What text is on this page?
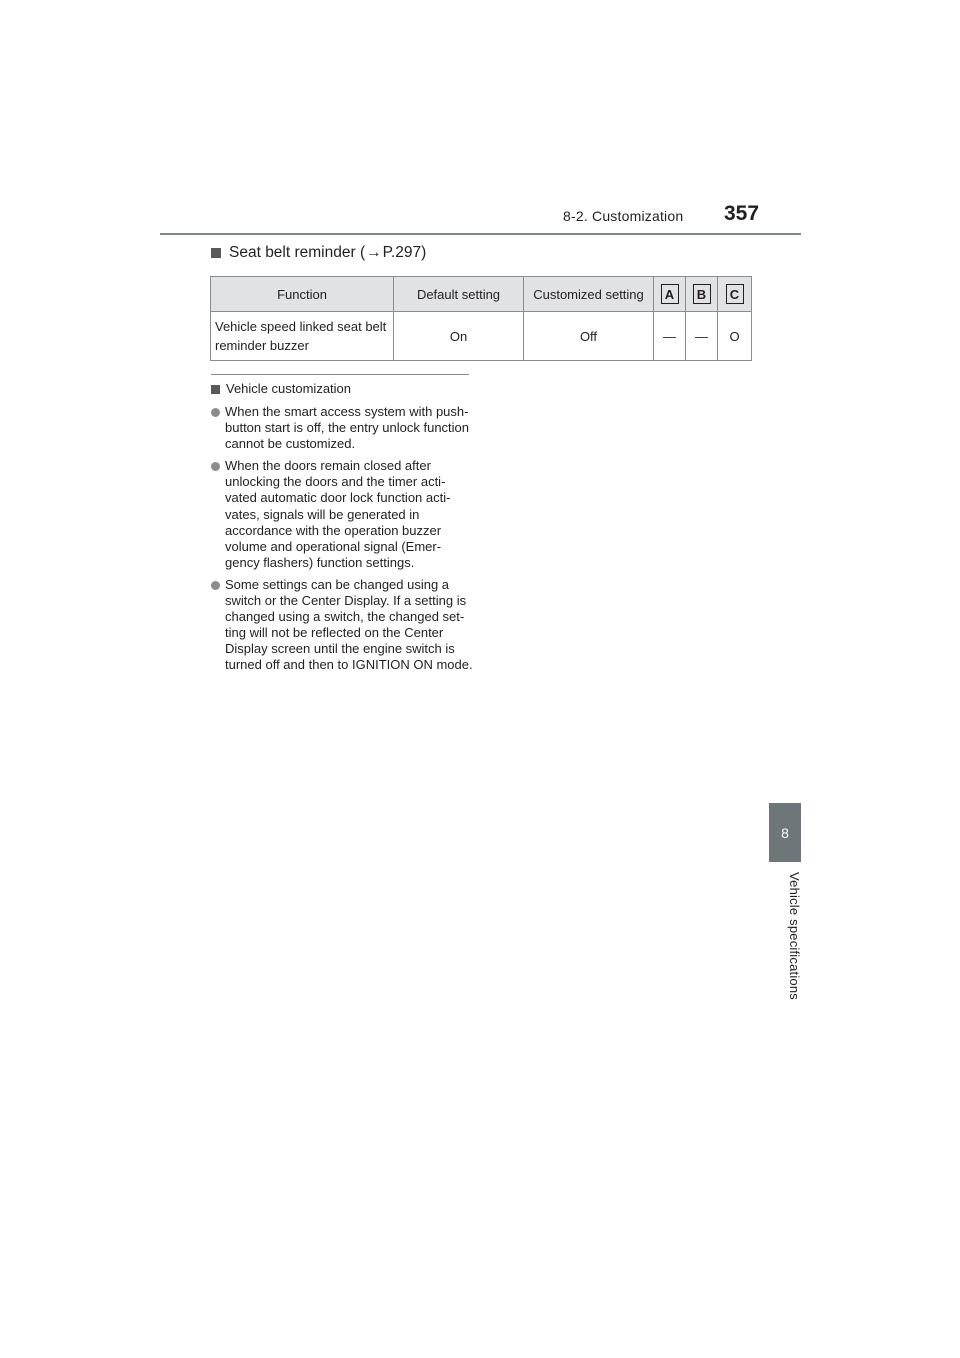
8-2. Customization 357
8
Vehicle specifications
Seat belt reminder ( → P.297 )
Function	Default setting	Customized setting	A	B	C
Vehicle speed linked seat belt reminder buzzer	On	Off	—	—	O
Vehicle customization
When the smart access system with push-button start is off, the entry unlock function cannot be customized.
When the doors remain closed after unlocking the doors and the timer acti-vated automatic door lock function acti-vates, signals will be generated in accordance with the operation buzzer volume and operational signal (Emer-gency flashers) function settings.
Some settings can be changed using a switch or the Center Display. If a setting is changed using a switch, the changed set-ting will not be reflected on the Center Display screen until the engine switch is turned off and then to IGNITION ON mode.
